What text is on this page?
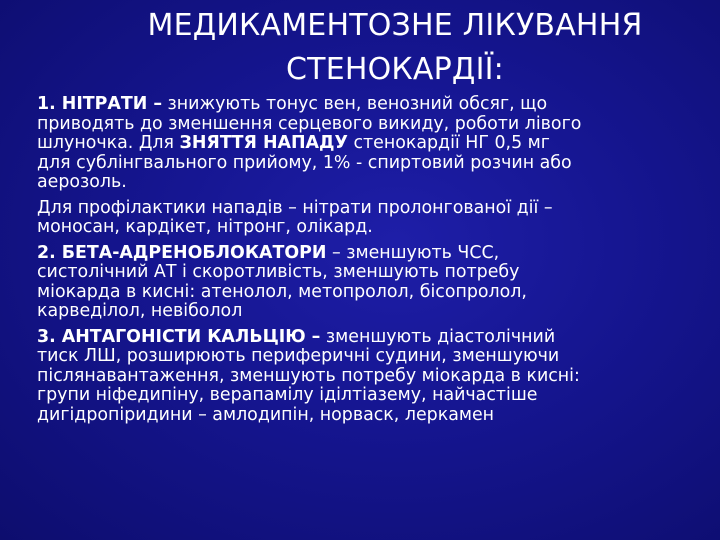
МЕДИКАМЕНТОЗНЕ ЛІКУВАННЯ
СТЕНОКАРДІЇ:
1. НІТРАТИ – знижують тонус вен, венозний обсяг, що
приводять до зменшення серцевого викиду, роботи лівого
шлуночка. Для ЗНЯТТЯ НАПАДУ стенокардії НГ 0,5 мг
для сублінгвального прийому, 1% - спиртовий розчин або
аерозоль.
Для профілактики нападів – нітрати пролонгованої дії –
моносан, кардікет, нітронг, олікард.
2. БЕТА-АДРЕНОБЛОКАТОРИ – зменшують ЧСС,
систолічний АТ і скоротливість, зменшують потребу
міокарда в кисні: атенолол, метопролол, бісопролол,
карведілол, невіболол
3. АНТАГОНІСТИ КАЛЬЦІЮ – зменшують діастолічний
тиск ЛШ, розширюють периферичні судини, зменшуючи
післянавантаження, зменшують потребу міокарда в кисні:
групи ніфедипіну, верапамілу іділтіазему, найчастіше
дигідропіридини – амлодипін, норваск, леркамен
